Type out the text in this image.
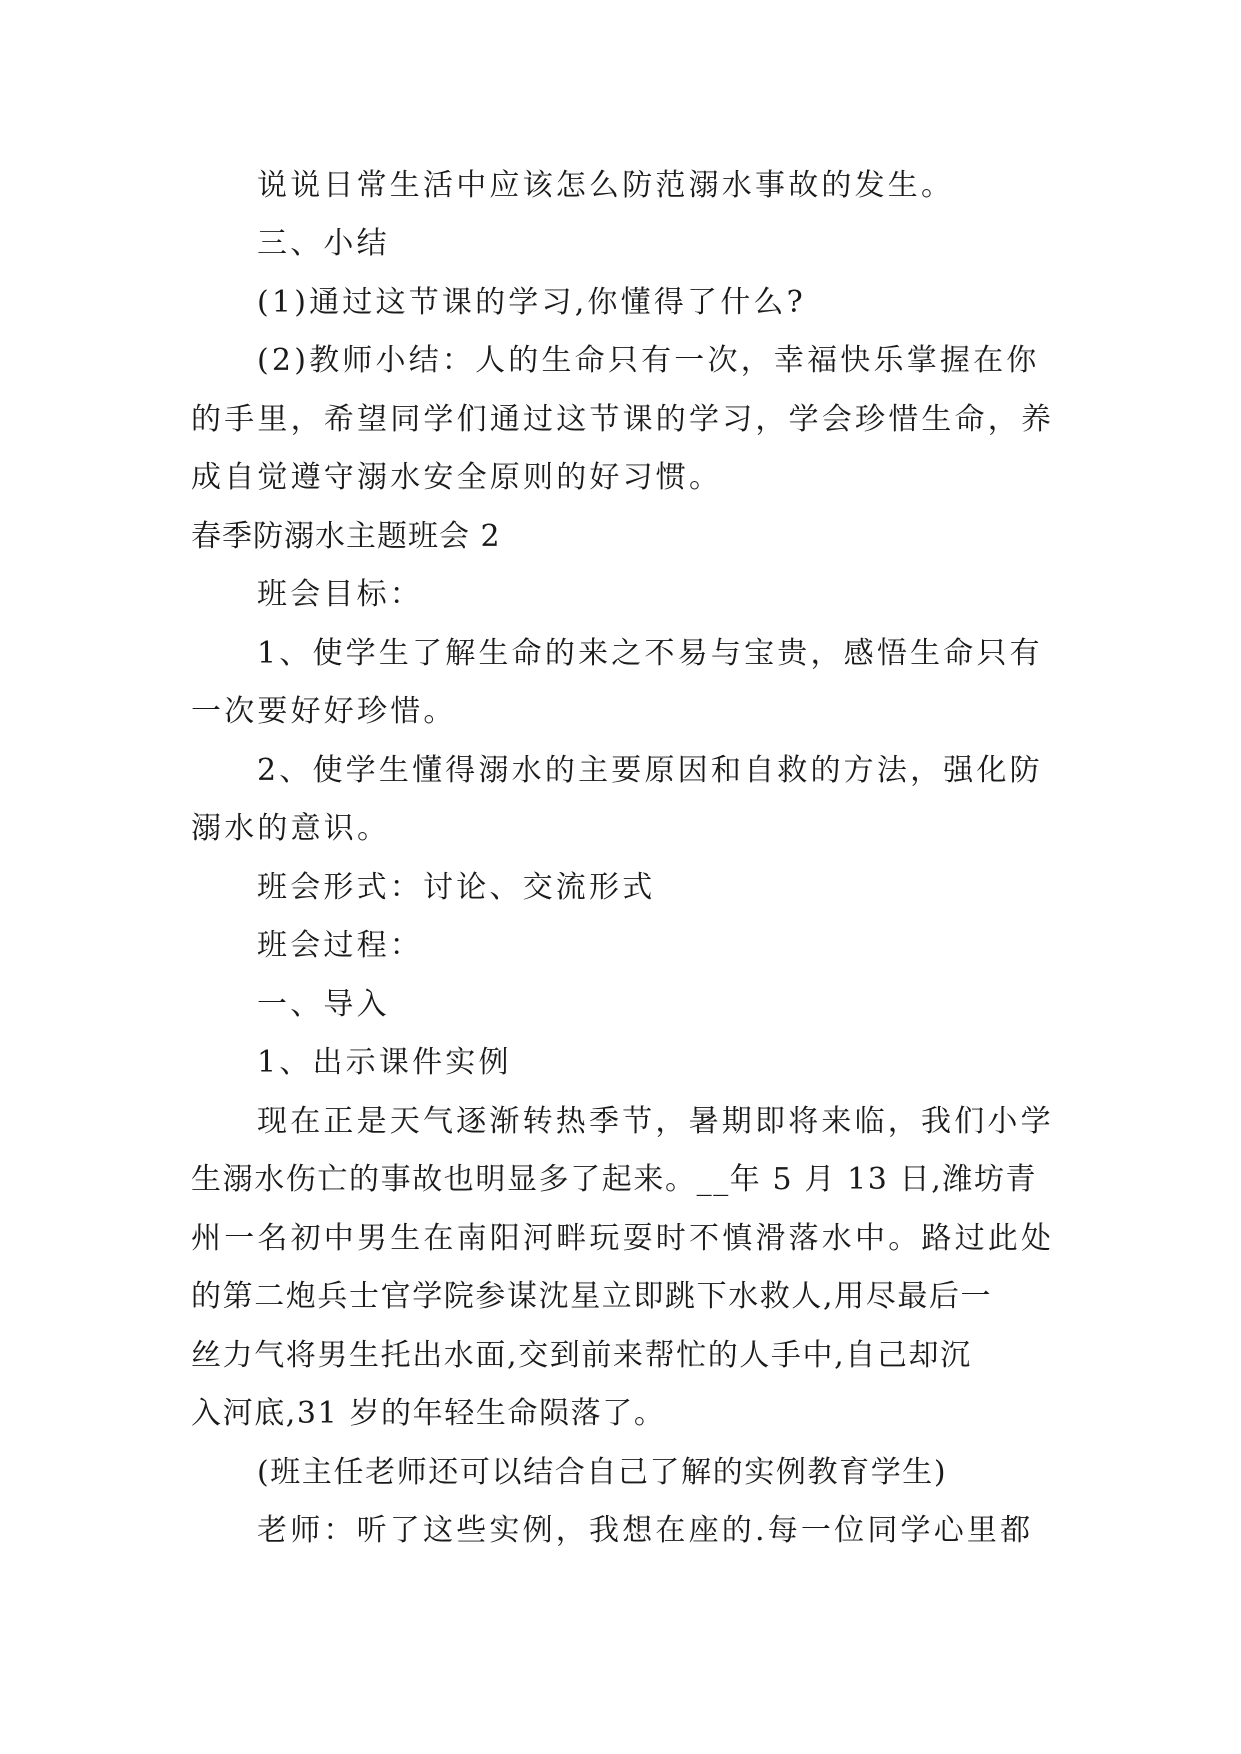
说说日常生活中应该怎么防范溺水事故的发生。
三、小结
(1)通过这节课的学习,你懂得了什么?
(2)教师小结：人的生命只有一次，幸福快乐掌握在你
的手里，希望同学们通过这节课的学习，学会珍惜生命，养
成自觉遵守溺水安全原则的好习惯。
春季防溺水主题班会 2
班会目标：
1、使学生了解生命的来之不易与宝贵，感悟生命只有
一次要好好珍惜。
2、使学生懂得溺水的主要原因和自救的方法，强化防
溺水的意识。
班会形式：讨论、交流形式
班会过程：
一、导入
1、出示课件实例
现在正是天气逐渐转热季节，暑期即将来临，我们小学
生溺水伤亡的事故也明显多了起来。__年 5 月 13 日,潍坊青
州一名初中男生在南阳河畔玩耍时不慎滑落水中。路过此处
的第二炮兵士官学院参谋沈星立即跳下水救人,用尽最后一
丝力气将男生托出水面,交到前来帮忙的人手中,自己却沉
入河底,31 岁的年轻生命陨落了。
(班主任老师还可以结合自己了解的实例教育学生)
老师：听了这些实例，我想在座的.每一位同学心里都
